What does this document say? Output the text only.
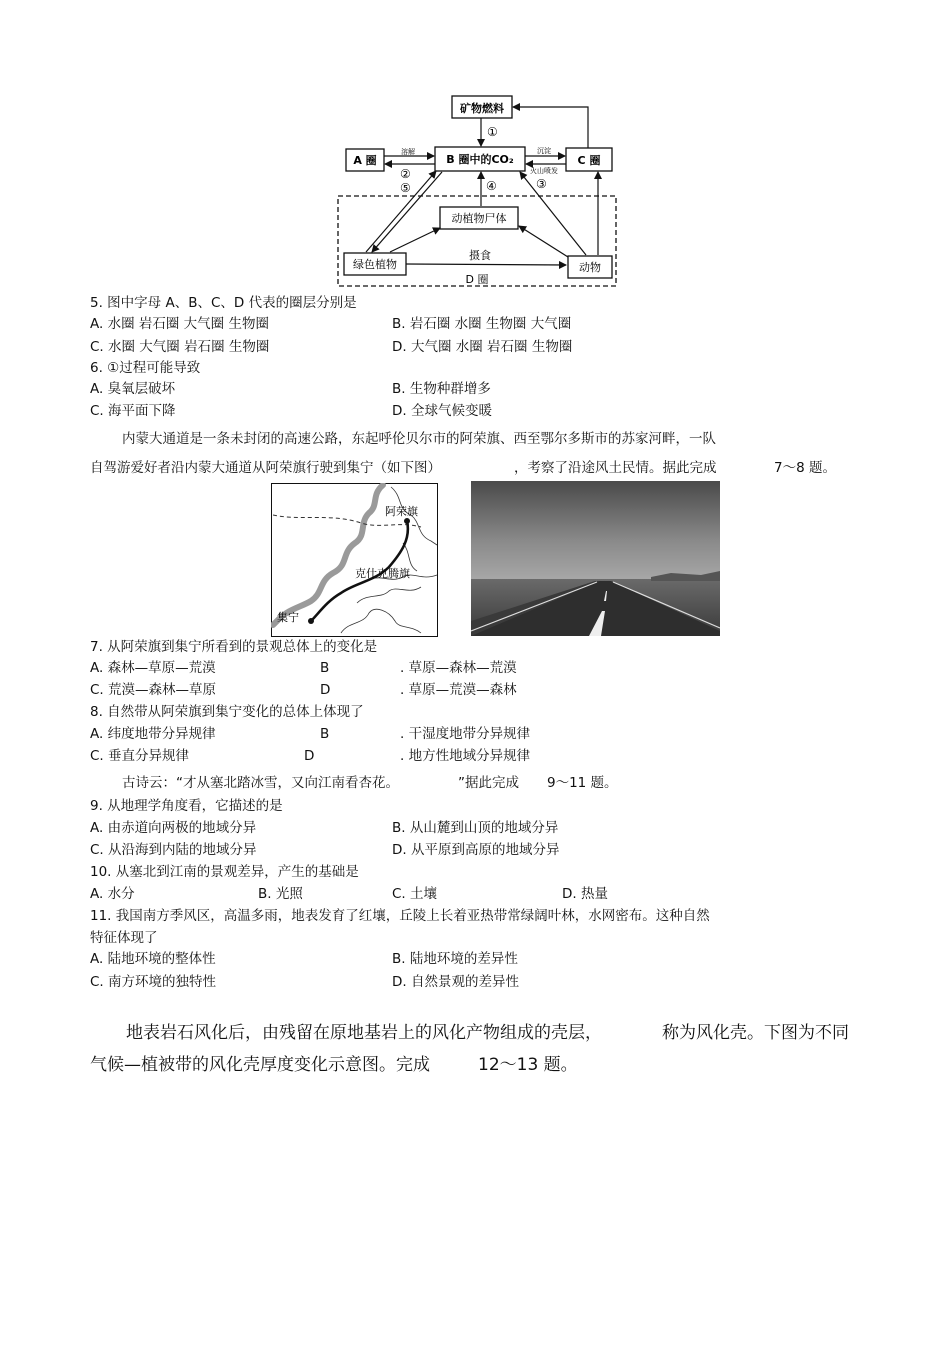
矿物燃料
①
A 圈	B 圈中的CO₂	C 圈
溶解
②
⑤
沉淀
火山喷发
③
④
动植物尸体
绿色植物	动物
摄食
D 圈
5. 图中字母 A、B、C、D 代表的圈层分别是
A. 水圈 岩石圈 大气圈 生物圈	B. 岩石圈 水圈 生物圈 大气圈
C. 水圈 大气圈 岩石圈 生物圈	D. 大气圈 水圈 岩石圈 生物圈
6. ①过程可能导致
A. 臭氧层破坏	B. 生物种群增多
C. 海平面下降	D. 全球气候变暖
内蒙大通道是一条未封闭的高速公路，东起呼伦贝尔市的阿荣旗、西至鄂尔多斯市的苏家河畔，一队
自驾游爱好者沿内蒙大通道从阿荣旗行驶到集宁（如下图）	，考察了沿途风土民情。据此完成	7～8 题。
阿荣旗
克什克腾旗
集宁
7. 从阿荣旗到集宁所看到的景观总体上的变化是
A. 森林—草原—荒漠	B	. 草原—森林—荒漠
C. 荒漠—森林—草原	D	. 草原—荒漠—森林
8. 自然带从阿荣旗到集宁变化的总体上体现了
A. 纬度地带分异规律	B	. 干湿度地带分异规律
C. 垂直分异规律	D	. 地方性地域分异规律
古诗云：“才从塞北踏冰雪，又向江南看杏花。	”据此完成 9～11 题。
9. 从地理学角度看，它描述的是
A. 由赤道向两极的地域分异	B. 从山麓到山顶的地域分异
C. 从沿海到内陆的地域分异	D. 从平原到高原的地域分异
10. 从塞北到江南的景观差异，产生的基础是
A. 水分	B. 光照	C. 土壤	D. 热量
11. 我国南方季风区，高温多雨，地表发育了红壤，丘陵上长着亚热带常绿阔叶林，水网密布。这种自然
特征体现了
A. 陆地环境的整体性	B. 陆地环境的差异性
C. 南方环境的独特性	D. 自然景观的差异性
地表岩石风化后，由残留在原地基岩上的风化产物组成的壳层，	称为风化壳。下图为不同
气候—植被带的风化壳厚度变化示意图。完成	12～13 题。
